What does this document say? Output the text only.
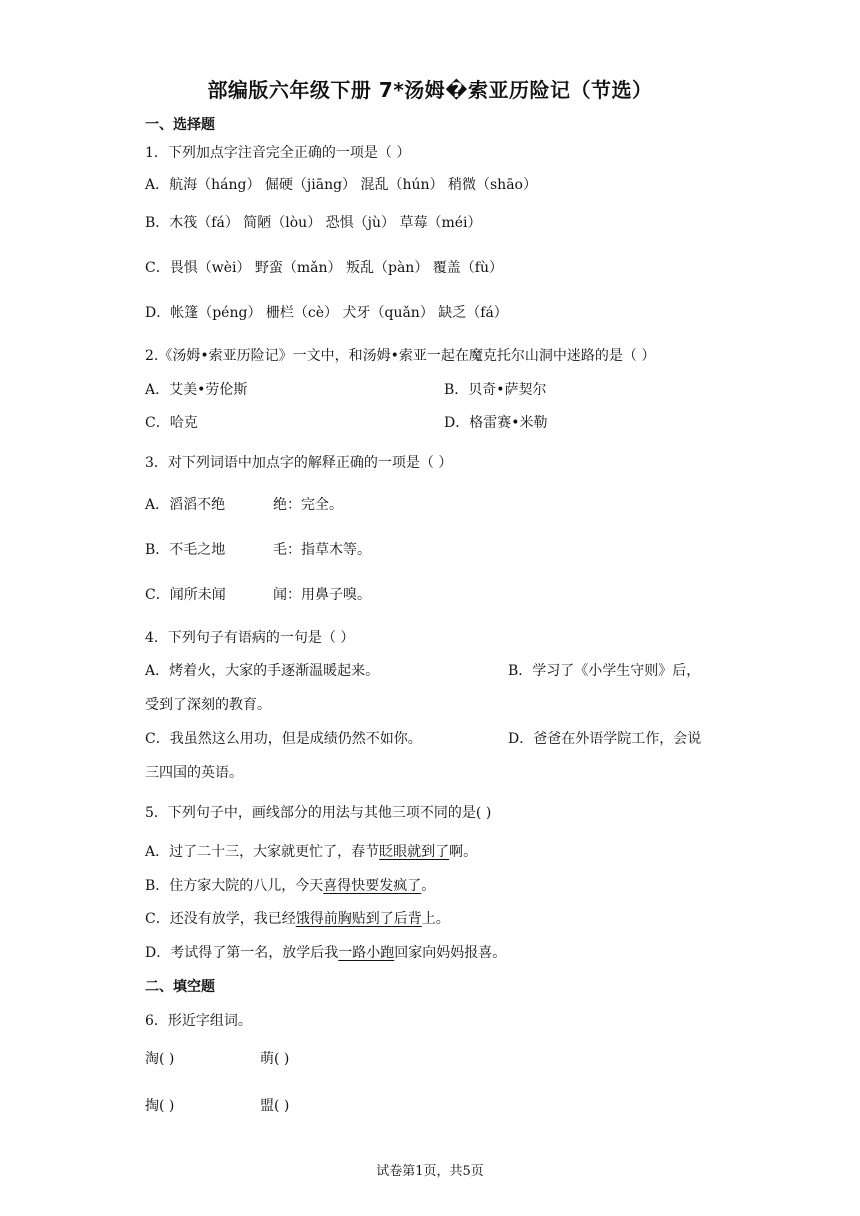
部编版六年级下册 7*汤姆�索亚历险记（节选）
一、选择题
1．下列加点字注音完全正确的一项是（ ）
A．航海（háng） 倔硬（jiāng） 混乱（hún） 稍微（shāo）
B．木筏（fá） 简陋（lòu） 恐惧（jù） 草莓（méi）
C．畏惧（wèi） 野蛮（mǎn） 叛乱（pàn） 覆盖（fù）
D．帐篷（péng） 栅栏（cè） 犬牙（quǎn） 缺乏（fá）
2.《汤姆•索亚历险记》一文中，和汤姆•索亚一起在魔克托尔山洞中迷路的是（ ）
A．艾美•劳伦斯	B．贝奇•萨契尔
C．哈克	D．格雷赛•米勒
3．对下列词语中加点字的解释正确的一项是（ ）
A．滔滔不绝	绝：完全。
B．不毛之地	毛：指草木等。
C．闻所未闻	闻：用鼻子嗅。
4．下列句子有语病的一句是（ ）
A．烤着火，大家的手逐渐温暖起来。	B．学习了《小学生守则》后，
受到了深刻的教育。
C．我虽然这么用功，但是成绩仍然不如你。	D．爸爸在外语学院工作，会说
三四国的英语。
5．下列句子中，画线部分的用法与其他三项不同的是( )
A．过了二十三，大家就更忙了，春节眨眼就到了啊。
B．住方家大院的八儿，今天喜得快要发疯了。
C．还没有放学，我已经饿得前胸贴到了后背上。
D．考试得了第一名，放学后我一路小跑回家向妈妈报喜。
二、填空题
6．形近字组词。
淘( )	萌( )
掏( )	盟( )
试卷第1页，共5页
